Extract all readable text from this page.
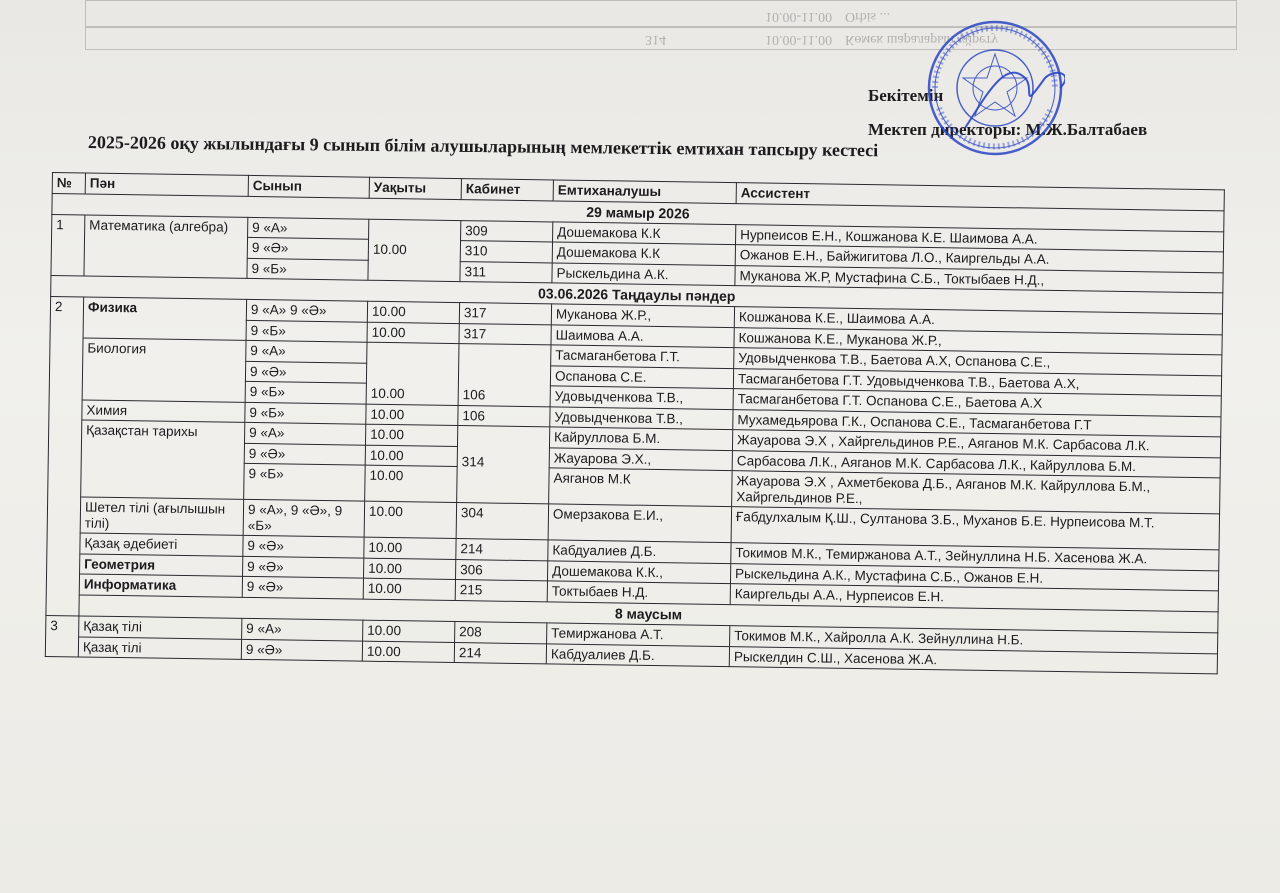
10.00-11.00 Orbis ...
10.00-11.00 Көмек шараларын үйрету
314
Бекітемін
Мектеп директоры: М.Ж.Балтабаев
2025-2026 оқу жылындағы 9 сынып білім алушыларының мемлекеттік емтихан тапсыру кестесі
№	Пән	Сынып	Уақыты	Кабинет	Емтиханалушы	Ассистент
29 мамыр 2026						
1	Математика (алгебра)	9 «А»	10.00	309	Дошемакова К.К	Нурпеисов Е.Н., Кошжанова К.Е. Шаимова А.А.
		9 «Ә»		310	Дошемакова К.К	Ожанов Е.Н., Байжигитова Л.О., Каиргельды А.А.
		9 «Б»		311	Рыскельдина А.К.	Муканова Ж.Р, Мустафина С.Б., Токтыбаев Н.Д.,
03.06.2026 Таңдаулы пәндер						
2	Физика	9 «А» 9 «Ә»	10.00	317	Муканова Ж.Р.,	Кошжанова К.Е., Шаимова А.А.
		9 «Б»	10.00	317	Шаимова А.А.	Кошжанова К.Е., Муканова Ж.Р.,
	Биология	9 «А»	10.00	106	Тасмаганбетова Г.Т.	Удовыдченкова Т.В., Баетова А.Х, Оспанова С.Е.,
		9 «Ә»			Оспанова С.Е.	Тасмаганбетова Г.Т. Удовыдченкова Т.В., Баетова А.Х,
		9 «Б»			Удовыдченкова Т.В.,	Тасмаганбетова Г.Т. Оспанова С.Е., Баетова А.Х
	Химия	9 «Б»	10.00	106	Удовыдченкова Т.В.,	Мухамедьярова Г.К., Оспанова С.Е., Тасмаганбетова Г.Т
	Қазақстан тарихы	9 «А»	10.00	314	Кайруллова Б.М.	Жауарова Э.Х , Хайргельдинов Р.Е., Аяганов М.К. Сарбасова Л.К.
		9 «Ә»	10.00		Жауарова Э.Х.,	Сарбасова Л.К., Аяганов М.К. Сарбасова Л.К., Кайруллова Б.М.
		9 «Б»	10.00		Аяганов М.К	Жауарова Э.Х , Ахметбекова Д.Б., Аяганов М.К. Кайруллова Б.М., Хайргельдинов Р.Е.,
	Шетел тілі (ағылышын тілі)	9 «А», 9 «Ә», 9 «Б»	10.00	304	Омерзакова Е.И.,	Ғабдулхалым Қ.Ш., Султанова З.Б., Муханов Б.Е. Нурпеисова М.Т.
	Қазақ әдебиеті	9 «Ә»	10.00	214	Кабдуалиев Д.Б.	Токимов М.К., Темиржанова А.Т., Зейнуллина Н.Б. Хасенова Ж.А.
	Геометрия	9 «Ә»	10.00	306	Дошемакова К.К.,	Рыскельдина А.К., Мустафина С.Б., Ожанов Е.Н.
	Информатика	9 «Ә»	10.00	215	Токтыбаев Н.Д.	Каиргельды А.А., Нурпеисов Е.Н.
	8 маусым					
3	Қазақ тілі	9 «А»	10.00	208	Темиржанова А.Т.	Токимов М.К., Хайролла А.К. Зейнуллина Н.Б.
	Қазақ тілі	9 «Ә»	10.00	214	Кабдуалиев Д.Б.	Рыскелдин С.Ш., Хасенова Ж.А.
